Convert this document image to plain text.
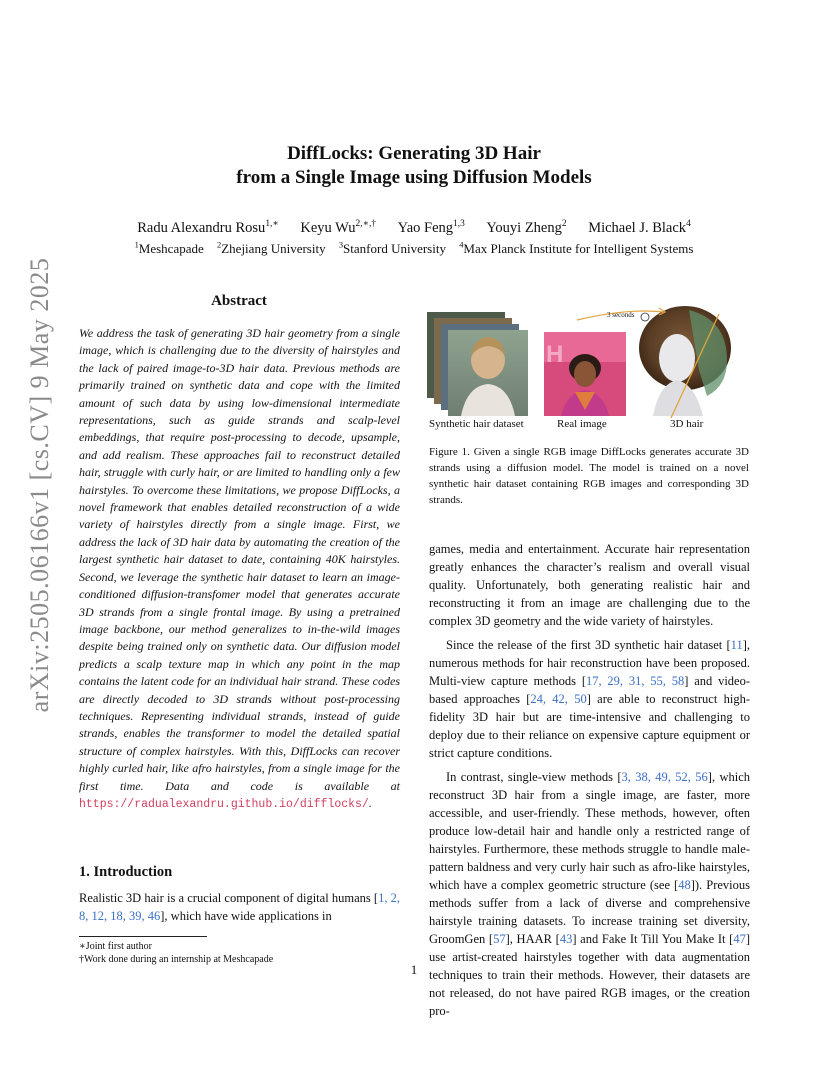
arXiv:2505.06166v1 [cs.CV] 9 May 2025
DiffLocks: Generating 3D Hair
from a Single Image using Diffusion Models
Radu Alexandru Rosu$^{1,∗}$ Keyu $Wu^{2,∗,\dagger}$ Yao Feng$^{1,3}$ Youyi Zheng$^2$ Michael J. Black$^4$
$^1$Meshcapade $^2$Zhejiang University $^3$Stanford University $^4$Max Planck Institute for Intelligent Systems
Abstract
We address the task of generating 3D hair geometry from a single image, which is challenging due to the diversity of hairstyles and the lack of paired image-to-3D hair data. Previous methods are primarily trained on synthetic data and cope with the limited amount of such data by using low-dimensional intermediate representations, such as guide strands and scalp-level embeddings, that require post-processing to decode, upsample, and add realism. These approaches fail to reconstruct detailed hair, struggle with curly hair, or are limited to handling only a few hairstyles. To overcome these limitations, we propose DiffLocks, a novel framework that enables detailed reconstruction of a wide variety of hairstyles directly from a single image. First, we address the lack of 3D hair data by automating the creation of the largest synthetic hair dataset to date, containing 40K hairstyles. Second, we leverage the synthetic hair dataset to learn an image-conditioned diffusion-transfomer model that generates accurate 3D strands from a single frontal image. By using a pretrained image backbone, our method generalizes to in-the-wild images despite being trained only on synthetic data. Our diffusion model predicts a scalp texture map in which any point in the map contains the latent code for an individual hair strand. These codes are directly decoded to 3D strands without post-processing techniques. Representing individual strands, instead of guide strands, enables the transformer to model the detailed spatial structure of complex hairstyles. With this, DiffLocks can recover highly curled hair, like afro hairstyles, from a single image for the first time. Data and code is available at https://radualexandru.github.io/difflocks/.
1. Introduction
Realistic 3D hair is a crucial component of digital humans [1, 2, 8, 12, 18, 39, 46], which have wide applications in
∗Joint first author
†Work done during an internship at Meshcapade
H
3 seconds
Synthetic hair dataset	Real image	3D hair
Figure 1. Given a single RGB image DiffLocks generates accurate 3D strands using a diffusion model. The model is trained on a novel synthetic hair dataset containing RGB images and corresponding 3D strands.

games, media and entertainment. Accurate hair representation greatly enhances the character’s realism and overall visual quality. Unfortunately, both generating realistic hair and reconstructing it from an image are challenging due to the complex 3D geometry and the wide variety of hairstyles.

Since the release of the first 3D synthetic hair dataset [11], numerous methods for hair reconstruction have been proposed. Multi-view capture methods [17, 29, 31, 55, 58] and video-based approaches [24, 42, 50] are able to reconstruct high-fidelity 3D hair but are time-intensive and challenging to deploy due to their reliance on expensive capture equipment or strict capture conditions.

In contrast, single-view methods [3, 38, 49, 52, 56], which reconstruct 3D hair from a single image, are faster, more accessible, and user-friendly. These methods, however, often produce low-detail hair and handle only a restricted range of hairstyles. Furthermore, these methods struggle to handle male-pattern baldness and very curly hair such as afro-like hairstyles, which have a complex geometric structure (see [48]). Previous methods suffer from a lack of diverse and comprehensive hairstyle training datasets. To increase training set diversity, GroomGen [57], HAAR [43] and Fake It Till You Make It [47] use artist-created hairstyles together with data augmentation techniques to train their methods. However, their datasets are not released, do not have paired RGB images, or the creation pro-

1
